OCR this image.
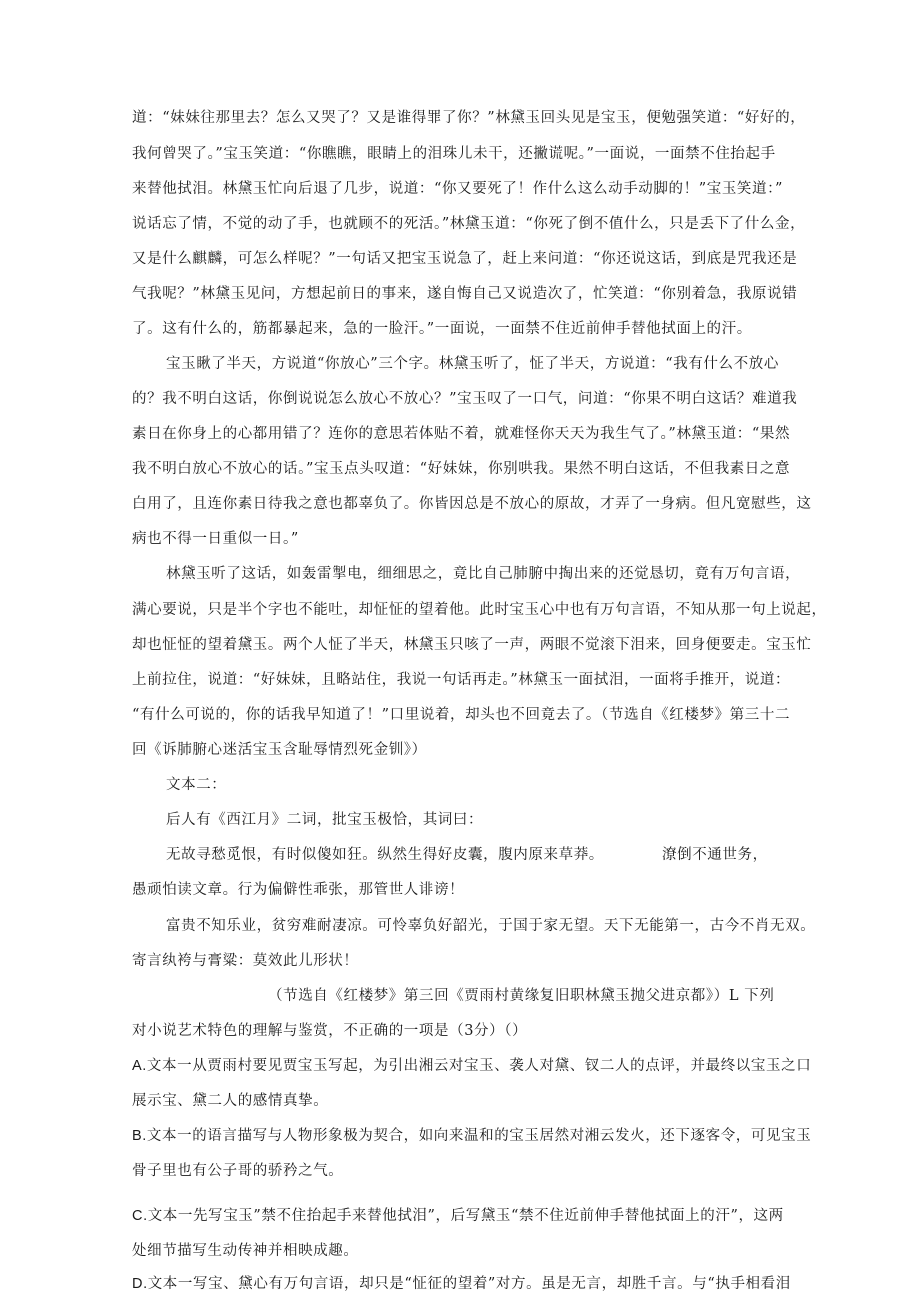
道：“妹妹往那里去？怎么又哭了？又是谁得罪了你？”林黛玉回头见是宝玉，便勉强笑道：“好好的，
我何曾哭了。”宝玉笑道：“你瞧瞧，眼睛上的泪珠儿未干，还撇谎呢。”一面说，一面禁不住抬起手
来替他拭泪。林黛玉忙向后退了几步，说道：“你又要死了！作什么这么动手动脚的！”宝玉笑道：”
说话忘了情，不觉的动了手，也就顾不的死活。”林黛玉道：“你死了倒不值什么，只是丢下了什么金，
又是什么麒麟，可怎么样呢？”一句话又把宝玉说急了，赶上来问道：“你还说这话，到底是咒我还是
气我呢？”林黛玉见问，方想起前日的事来，遂自悔自己又说造次了，忙笑道：“你别着急，我原说错
了。这有什么的，筋都暴起来，急的一脸汗。”一面说，一面禁不住近前伸手替他拭面上的汗。
宝玉瞅了半天，方说道“你放心”三个字。林黛玉听了，怔了半天，方说道：“我有什么不放心
的？我不明白这话，你倒说说怎么放心不放心？”宝玉叹了一口气，问道：“你果不明白这话？难道我
素日在你身上的心都用错了？连你的意思若体贴不着，就难怪你天天为我生气了。”林黛玉道：“果然
我不明白放心不放心的话。”宝玉点头叹道：“好妹妹，你别哄我。果然不明白这话，不但我素日之意
白用了，且连你素日待我之意也都辜负了。你皆因总是不放心的原故，才弄了一身病。但凡宽慰些，这
病也不得一日重似一日。”
林黛玉听了这话，如轰雷掣电，细细思之，竟比自己肺腑中掏出来的还觉恳切，竟有万句言语，
满心要说，只是半个字也不能吐，却怔怔的望着他。此时宝玉心中也有万句言语，不知从那一句上说起，
却也怔怔的望着黛玉。两个人怔了半天，林黛玉只咳了一声，两眼不觉滚下泪来，回身便要走。宝玉忙
上前拉住，说道：“好妹妹，且略站住，我说一句话再走。”林黛玉一面拭泪，一面将手推开，说道：
“有什么可说的，你的话我早知道了！”口里说着，却头也不回竟去了。（节选自《红楼梦》第三十二
回《诉肺腑心迷活宝玉含耻辱情烈死金钏》）
文本二：
后人有《西江月》二词，批宝玉极恰，其词曰：
无故寻愁觅恨，有时似傻如狂。纵然生得好皮囊，腹内原来草莽。	潦倒不通世务，
愚顽怕读文章。行为偏僻性乖张，那管世人诽谤！
富贵不知乐业，贫穷难耐凄凉。可怜辜负好韶光，于国于家无望。天下无能第一，古今不肖无双。
寄言纨袴与膏粱：莫效此儿形状！
（节选自《红楼梦》第三回《贾雨村黄缘复旧职林黛玉抛父进京都》）L 下列
对小说艺术特色的理解与鉴赏，不正确的一项是（3分）（）
A.文本一从贾雨村要见贾宝玉写起，为引出湘云对宝玉、袭人对黛、钗二人的点评，并最终以宝玉之口
展示宝、黛二人的感情真挚。
B.文本一的语言描写与人物形象极为契合，如向来温和的宝玉居然对湘云发火，还下逐客令，可见宝玉
骨子里也有公子哥的骄矜之气。
C.文本一先写宝玉”禁不住抬起手来替他拭泪”，后写黛玉“禁不住近前伸手替他拭面上的汗”，这两
处细节描写生动传神并相映成趣。
D.文本一写宝、黛心有万句言语，却只是“怔征的望着”对方。虽是无言，却胜千言。与“执手相看泪
